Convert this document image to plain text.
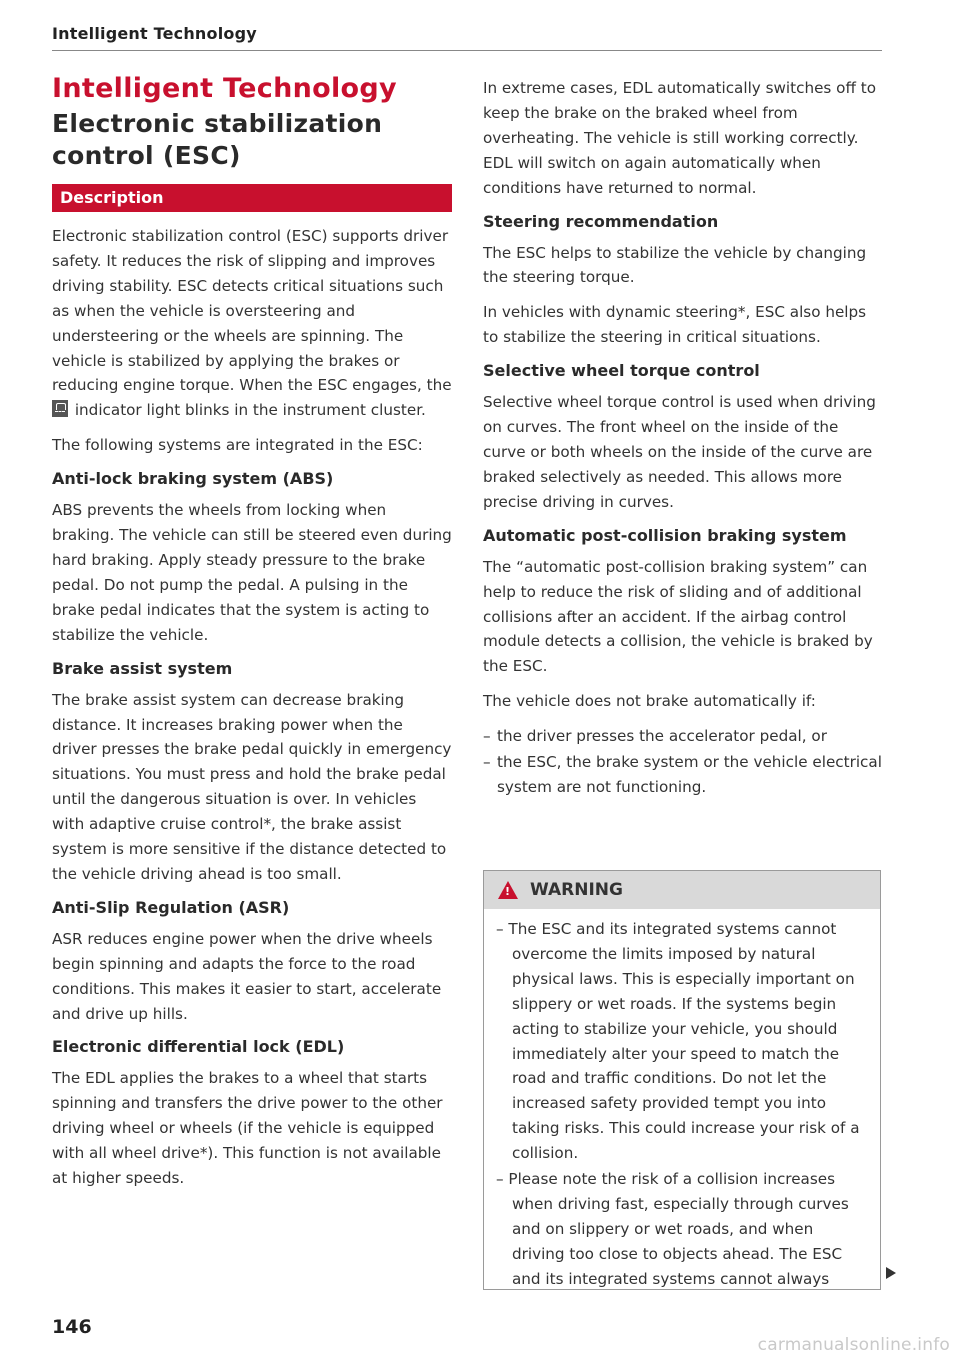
Intelligent Technology
Intelligent Technology
Electronic stabilization control (ESC)
Description

Electronic stabilization control (ESC) supports driver safety. It reduces the risk of slipping and improves driving stability. ESC detects critical situations such as when the vehicle is oversteering and understeering or the wheels are spinning. The vehicle is stabilized by applying the brakes or reducing engine torque. When the ESC engages, the  indicator light blinks in the instrument cluster.

The following systems are integrated in the ESC:

Anti-lock braking system (ABS)

ABS prevents the wheels from locking when braking. The vehicle can still be steered even during hard braking. Apply steady pressure to the brake pedal. Do not pump the pedal. A pulsing in the brake pedal indicates that the system is acting to stabilize the vehicle.

Brake assist system

The brake assist system can decrease braking distance. It increases braking power when the driver presses the brake pedal quickly in emergency situations. You must press and hold the brake pedal until the dangerous situation is over. In vehicles with adaptive cruise control*, the brake assist system is more sensitive if the distance detected to the vehicle driving ahead is too small.

Anti-Slip Regulation (ASR)

ASR reduces engine power when the drive wheels begin spinning and adapts the force to the road conditions. This makes it easier to start, accelerate and drive up hills.

Electronic differential lock (EDL)

The EDL applies the brakes to a wheel that starts spinning and transfers the drive power to the other driving wheel or wheels (if the vehicle is equipped with all wheel drive*). This function is not available at higher speeds.

In extreme cases, EDL automatically switches off to keep the brake on the braked wheel from overheating. The vehicle is still working correctly. EDL will switch on again automatically when conditions have returned to normal.

Steering recommendation

The ESC helps to stabilize the vehicle by changing the steering torque.

In vehicles with dynamic steering*, ESC also helps to stabilize the steering in critical situations.

Selective wheel torque control

Selective wheel torque control is used when driving on curves. The front wheel on the inside of the curve or both wheels on the inside of the curve are braked selectively as needed. This allows more precise driving in curves.

Automatic post-collision braking system

The “automatic post-collision braking system” can help to reduce the risk of sliding and of additional collisions after an accident. If the airbag control module detects a collision, the vehicle is braked by the ESC.

The vehicle does not brake automatically if:

– the driver presses the accelerator pedal, or
– the ESC, the brake system or the vehicle electrical system are not functioning.
!
WARNING
– The ESC and its integrated systems cannot overcome the limits imposed by natural physical laws. This is especially important on slippery or wet roads. If the systems begin acting to stabilize your vehicle, you should immediately alter your speed to match the road and traffic conditions. Do not let the increased safety provided tempt you into taking risks. This could increase your risk of a collision.
– Please note the risk of a collision increases when driving fast, especially through curves and on slippery or wet roads, and when driving too close to objects ahead. The ESC and its integrated systems cannot always
146
carmanualsonline.info
